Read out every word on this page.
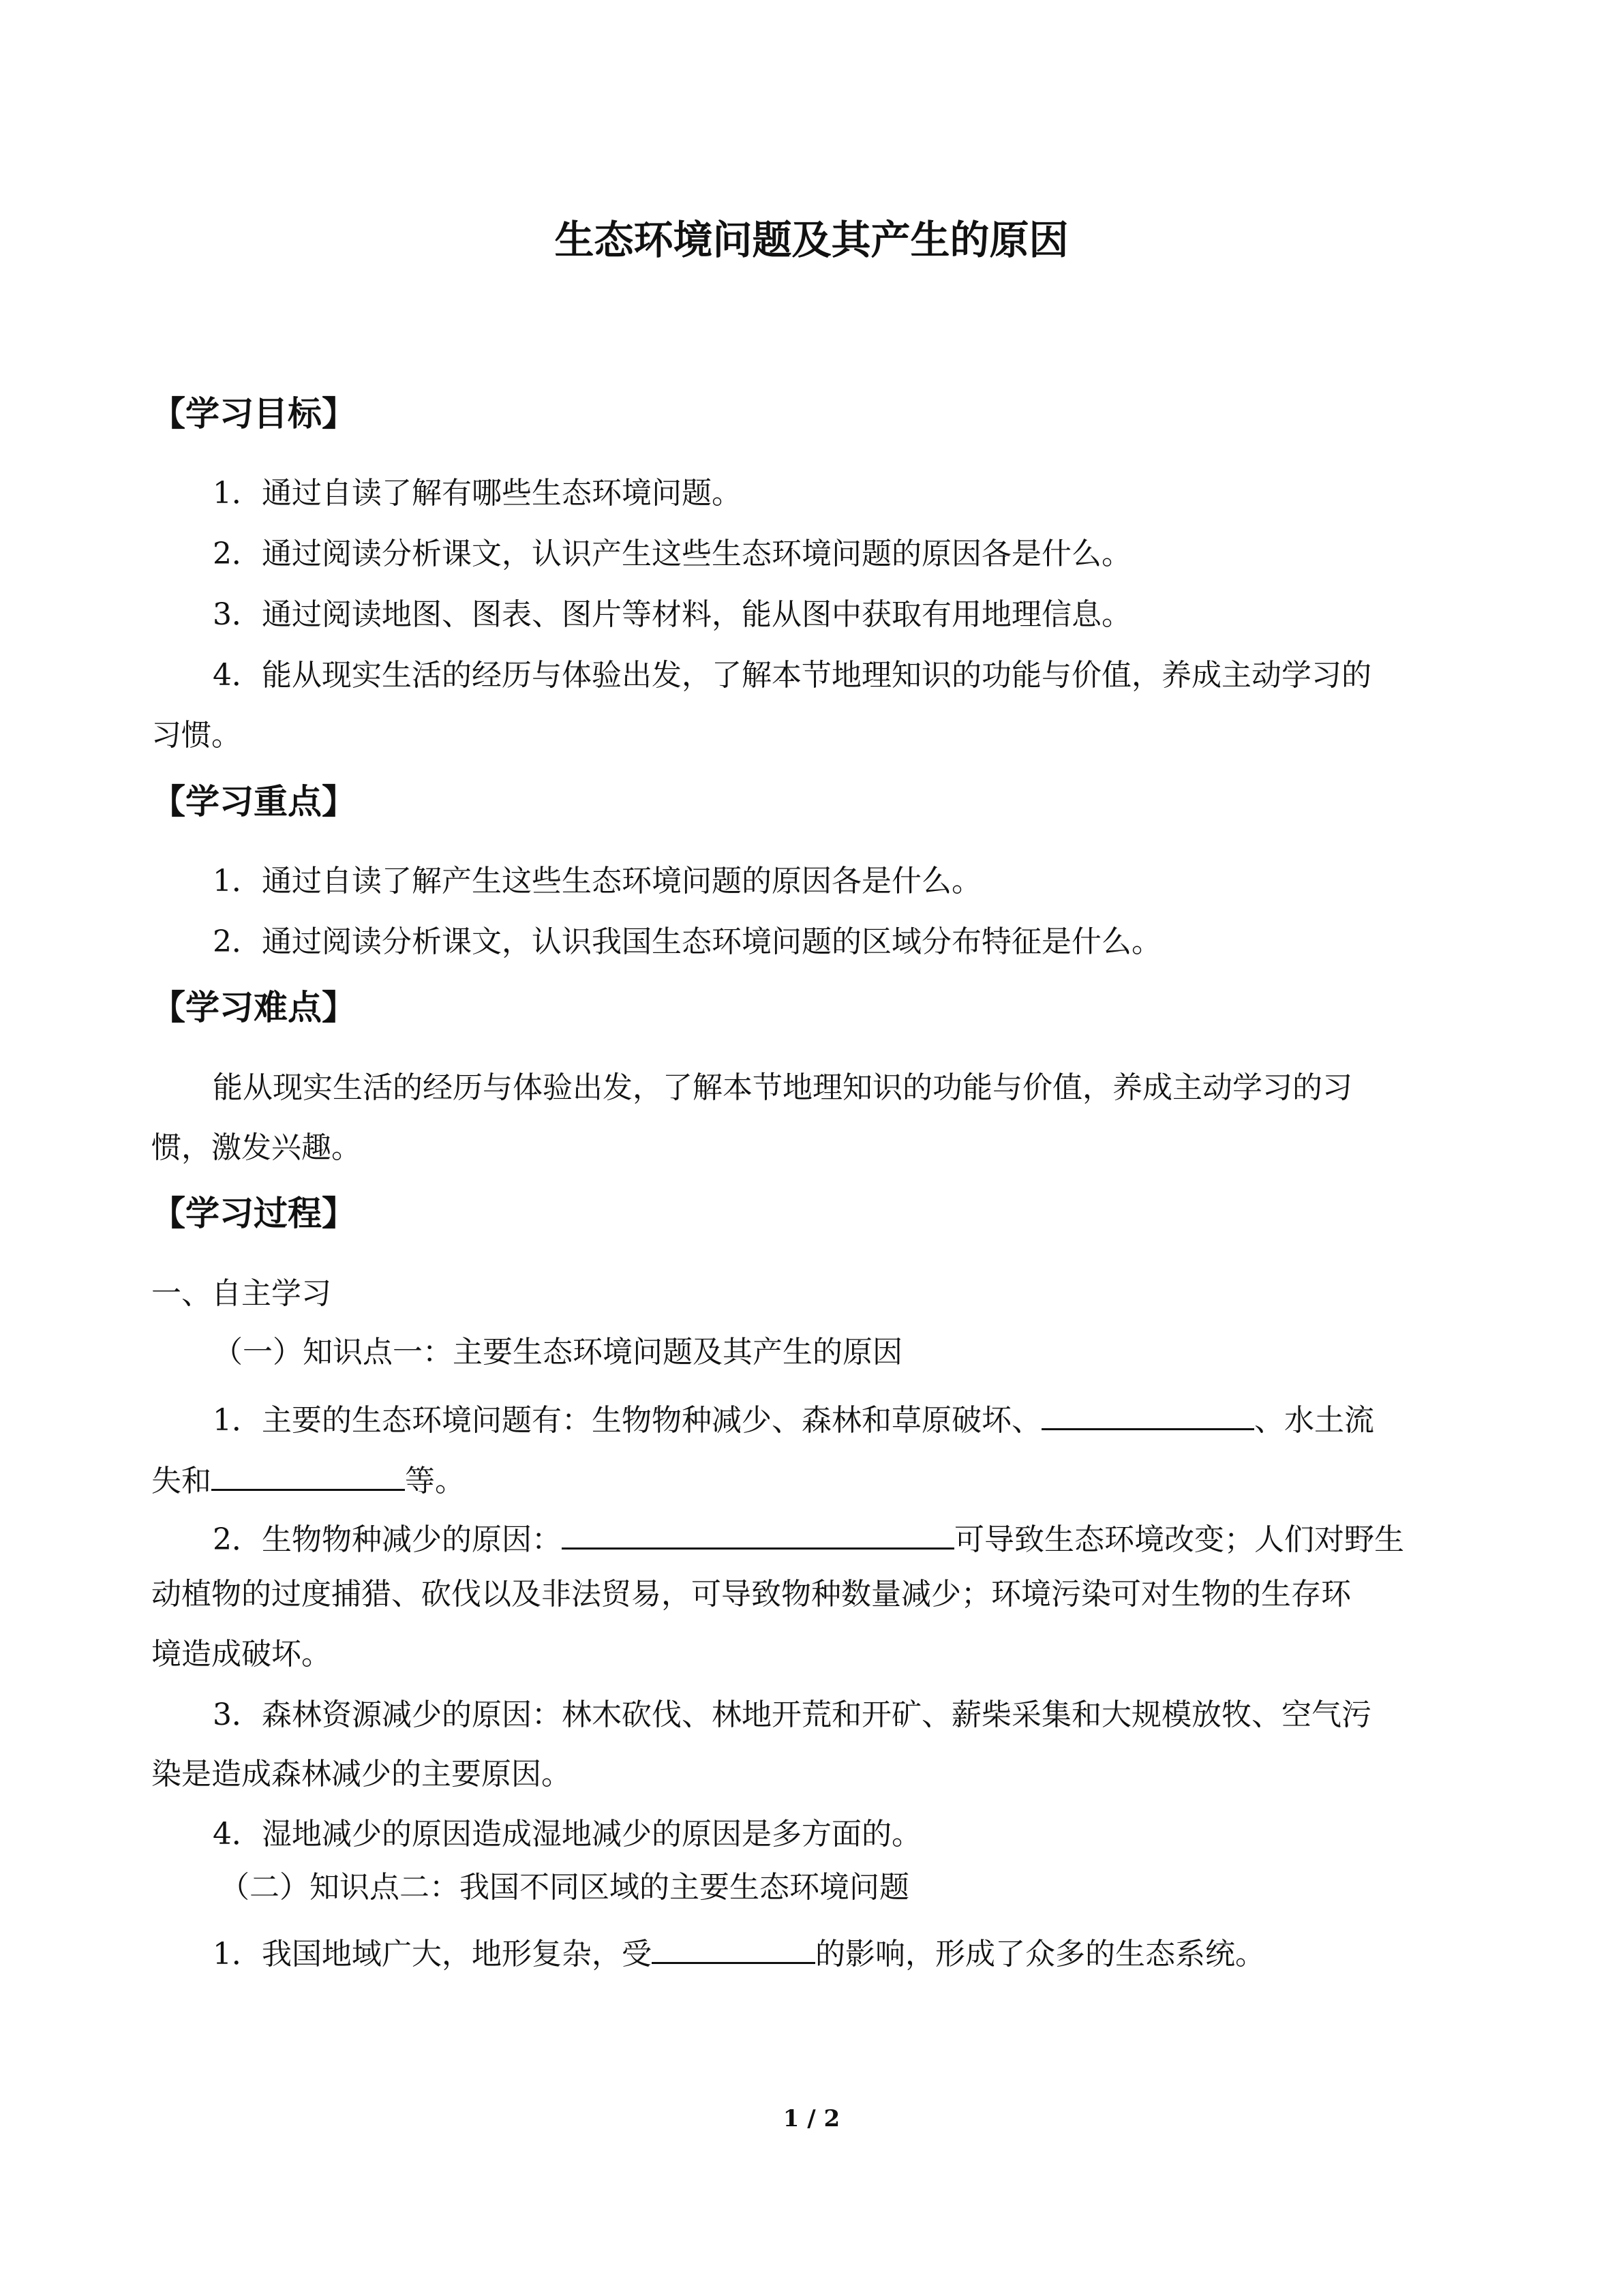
生态环境问题及其产生的原因
【学习目标】
1．通过自读了解有哪些生态环境问题。
2．通过阅读分析课文，认识产生这些生态环境问题的原因各是什么。
3．通过阅读地图、图表、图片等材料，能从图中获取有用地理信息。
4．能从现实生活的经历与体验出发，了解本节地理知识的功能与价值，养成主动学习的
习惯。
【学习重点】
1．通过自读了解产生这些生态环境问题的原因各是什么。
2．通过阅读分析课文，认识我国生态环境问题的区域分布特征是什么。
【学习难点】
能从现实生活的经历与体验出发，了解本节地理知识的功能与价值，养成主动学习的习
惯，激发兴趣。
【学习过程】
一、自主学习
（一）知识点一：主要生态环境问题及其产生的原因
1．主要的生态环境问题有：生物物种减少、森林和草原破坏、	、水土流
失和	等。
2．生物物种减少的原因：	可导致生态环境改变；人们对野生
动植物的过度捕猎、砍伐以及非法贸易，可导致物种数量减少；环境污染可对生物的生存环
境造成破坏。
3．森林资源减少的原因：林木砍伐、林地开荒和开矿、薪柴采集和大规模放牧、空气污
染是造成森林减少的主要原因。
4．湿地减少的原因造成湿地减少的原因是多方面的。
（二）知识点二：我国不同区域的主要生态环境问题
1．我国地域广大，地形复杂，受	的影响，形成了众多的生态系统。
1 / 2
